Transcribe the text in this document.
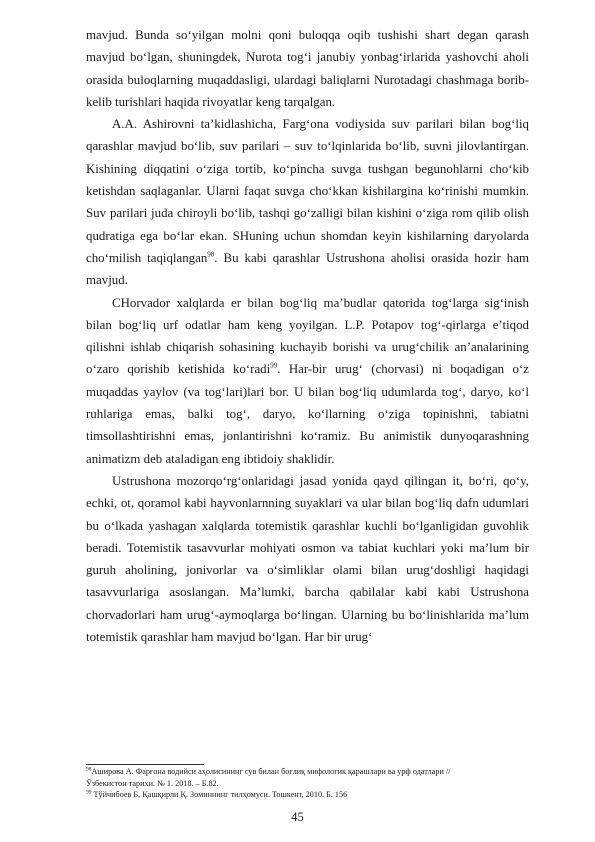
mavjud. Bunda so‘yilgan molni qoni buloqqa oqib tushishi shart degan qarash mavjud bo‘lgan, shuningdek, Nurota tog‘i janubiy yonbag‘irlarida yashovchi aholi orasida buloqlarning muqaddasligi, ulardagi baliqlarni Nurotadagi chashmaga borib-kelib turishlari haqida rivoyatlar keng tarqalgan.

A.A. Ashirovni ta’kidlashicha, Farg‘ona vodiysida suv parilari bilan bog‘liq qarashlar mavjud bo‘lib, suv parilari – suv to‘lqinlarida bo‘lib, suvni jilovlantirgan. Kishining diqqatini o‘ziga tortib, ko‘pincha suvga tushgan begunohlarni cho‘kib ketishdan saqlaganlar. Ularni faqat suvga cho‘kkan kishilargina ko‘rinishi mumkin. Suv parilari juda chiroyli bo‘lib, tashqi go‘zalligi bilan kishini o‘ziga rom qilib olish qudratiga ega bo‘lar ekan. SHuning uchun shomdan keyin kishilarning daryolarda cho‘milish taqiqlangan$^{98}$. Bu kabi qarashlar Ustrushona aholisi orasida hozir ham mavjud.

CHorvador xalqlarda er bilan bog‘liq ma’budlar qatorida tog‘larga sig‘inish bilan bog‘liq urf odatlar ham keng yoyilgan. L.P. Potapov tog‘-qirlarga e’tiqod qilishni ishlab chiqarish sohasining kuchayib borishi va urug‘chilik an’analarining o‘zaro qorishib ketishida ko‘radi$^{99}$. Har-bir urug‘ (chorvasi) ni boqadigan o‘z muqaddas yaylov (va tog‘lari)lari bor. U bilan bog‘liq udumlarda tog‘, daryo, ko‘l ruhlariga emas, balki tog‘, daryo, ko‘llarning o‘ziga topinishni, tabiatni timsollashtirishni emas, jonlantirishni ko‘ramiz. Bu animistik dunyoqarashning animatizm deb ataladigan eng ibtidoiy shaklidir.

Ustrushona mozorqo‘rg‘onlaridagi jasad yonida qayd qilingan it, bo‘ri, qo‘y, echki, ot, qoramol kabi hayvonlarnning suyaklari va ular bilan bog‘liq dafn udumlari bu o‘lkada yashagan xalqlarda totemistik qarashlar kuchli bo‘lganligidan guvohlik beradi. Totemistik tasavvurlar mohiyati osmon va tabiat kuchlari yoki ma’lum bir guruh aholining, jonivorlar va o‘simliklar olami bilan urug‘doshligi haqidagi tasavvurlariga asoslangan. Ma’lumki, barcha qabilalar kabi kabi Ustrushona chorvadorlari ham urug‘-aymoqlarga bo‘lingan. Ularning bu bo‘linishlarida ma’lum totemistik qarashlar ham mavjud bo‘lgan. Har bir urug‘

$^{98}$Аширова А. Фарғона водийси аҳолисининг сув билан боғлиқ мифологик қарашлари ва урф одатлари //

Ўзбекистон тарихи. № 1. 2018. – Б.82.

$^{99}$ Тўйчибоев Б, Қашқирли Қ. Зоминнинг тилҳомуси. Тошкент, 2010. Б. 156

45
